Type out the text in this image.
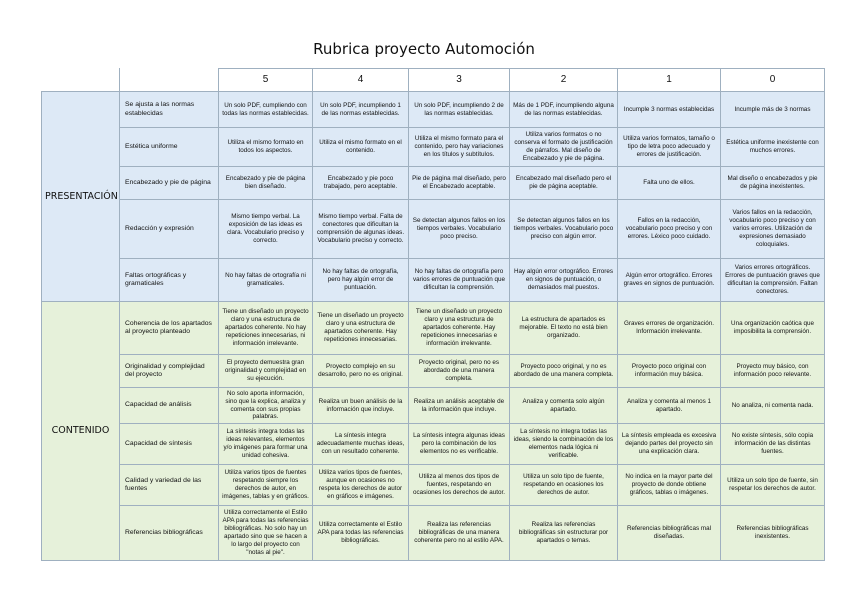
Rubrica proyecto Automoción
		5	4	3	2	1	0
PRESENTACIÓN	Se ajusta a las normas establecidas	Un solo PDF, cumpliendo con todas las normas establecidas.	Un solo PDF, incumpliendo 1 de las normas establecidas.	Un solo PDF, incumpliendo 2 de las normas establecidas.	Más de 1 PDF, incumpliendo alguna de las normas establecidas.	Incumple 3 normas establecidas	Incumple más de 3 normas
	Estética uniforme	Utiliza el mismo formato en todos los aspectos.	Utiliza el mismo formato en el contenido.	Utiliza el mismo formato para el contenido, pero hay variaciones en los títulos y subtítulos.	Utiliza varios formatos o no conserva el formato de justificación de párrafos. Mal diseño de Encabezado y pie de página.	Utiliza varios formatos, tamaño o tipo de letra poco adecuado y errores de justificación.	Estética uniforme inexistente con muchos errores.
	Encabezado y pie de página	Encabezado y pie de página bien diseñado.	Encabezado y pie poco trabajado, pero aceptable.	Pie de página mal diseñado, pero el Encabezado aceptable.	Encabezado mal diseñado pero el pie de página aceptable.	Falta uno de ellos.	Mal diseño o encabezados y pie de página inexistentes.
	Redacción y expresión	Mismo tiempo verbal. La exposición de las ideas es clara. Vocabulario preciso y correcto.	Mismo tiempo verbal. Falta de conectores que dificultan la comprensión de algunas ideas. Vocabulario preciso y correcto.	Se detectan algunos fallos en los tiempos verbales. Vocabulario poco preciso.	Se detectan algunos fallos en los tiempos verbales. Vocabulario poco preciso con algún error.	Fallos en la redacción, vocabulario poco preciso y con errores. Léxico poco cuidado.	Varios fallos en la redacción, vocabulario poco preciso y con varios errores. Utilización de expresiones demasiado coloquiales.
	Faltas ortográficas y gramaticales	No hay faltas de ortografía ni gramaticales.	No hay faltas de ortografía, pero hay algún error de puntuación.	No hay faltas de ortografía pero varios errores de puntuación que dificultan la comprensión.	Hay algún error ortográfico. Errores en signos de puntuación, o demasiados mal puestos.	Algún error ortográfico. Errores graves en signos de puntuación.	Varios errores ortográficos. Errores de puntuación graves que dificultan la comprensión. Faltan conectores.
CONTENIDO	Coherencia de los apartados al proyecto planteado	Tiene un diseñado un proyecto claro y una estructura de apartados coherente. No hay repeticiones innecesarias, ni información irrelevante.	Tiene un diseñado un proyecto claro y una estructura de apartados coherente. Hay repeticiones innecesarias.	Tiene un diseñado un proyecto claro y una estructura de apartados coherente. Hay repeticiones innecesarias e información irrelevante.	La estructura de apartados es mejorable. El texto no está bien organizado.	Graves errores de organización. Información irrelevante.	Una organización caótica que imposibilita la comprensión.
	Originalidad y complejidad del proyecto	El proyecto demuestra gran originalidad y complejidad en su ejecución.	Proyecto complejo en su desarrollo, pero no es original.	Proyecto original, pero no es abordado de una manera completa.	Proyecto poco original, y no es abordado de una manera completa.	Proyecto poco original con información muy básica.	Proyecto muy básico, con información poco relevante.
	Capacidad de análisis	No solo aporta información, sino que la explica, analiza y comenta con sus propias palabras.	Realiza un buen análisis de la información que incluye.	Realiza un análisis aceptable de la información que incluye.	Analiza y comenta solo algún apartado.	Analiza y comenta al menos 1 apartado.	No analiza, ni comenta nada.
	Capacidad de síntesis	La síntesis integra todas las ideas relevantes, elementos y/o imágenes para formar una unidad cohesiva.	La síntesis integra adecuadamente muchas ideas, con un resultado coherente.	La síntesis integra algunas ideas pero la combinación de los elementos no es verificable.	La síntesis no integra todas las ideas, siendo la combinación de los elementos nada lógica ni verificable.	La síntesis empleada es excesiva dejando partes del proyecto sin una explicación clara.	No existe síntesis, sólo copia información de las distintas fuentes.
	Calidad y variedad de las fuentes	Utiliza varios tipos de fuentes respetando siempre los derechos de autor, en imágenes, tablas y en gráficos.	Utiliza varios tipos de fuentes, aunque en ocasiones no respeta los derechos de autor en gráficos e imágenes.	Utiliza al menos dos tipos de fuentes, respetando en ocasiones los derechos de autor.	Utiliza un solo tipo de fuente, respetando en ocasiones los derechos de autor.	No indica en la mayor parte del proyecto de donde obtiene gráficos, tablas o imágenes.	Utiliza un solo tipo de fuente, sin respetar los derechos de autor.
	Referencias bibliográficas	Utiliza correctamente el Estilo APA para todas las referencias bibliográficas. No solo hay un apartado sino que se hacen a lo largo del proyecto con "notas al pie".	Utiliza correctamente el Estilo APA para todas las referencias bibliográficas.	Realiza las referencias bibliográficas de una manera coherente pero no al estilo APA.	Realiza las referencias bibliográficas sin estructurar por apartados o temas.	Referencias bibliográficas mal diseñadas.	Referencias bibliográficas inexistentes.
